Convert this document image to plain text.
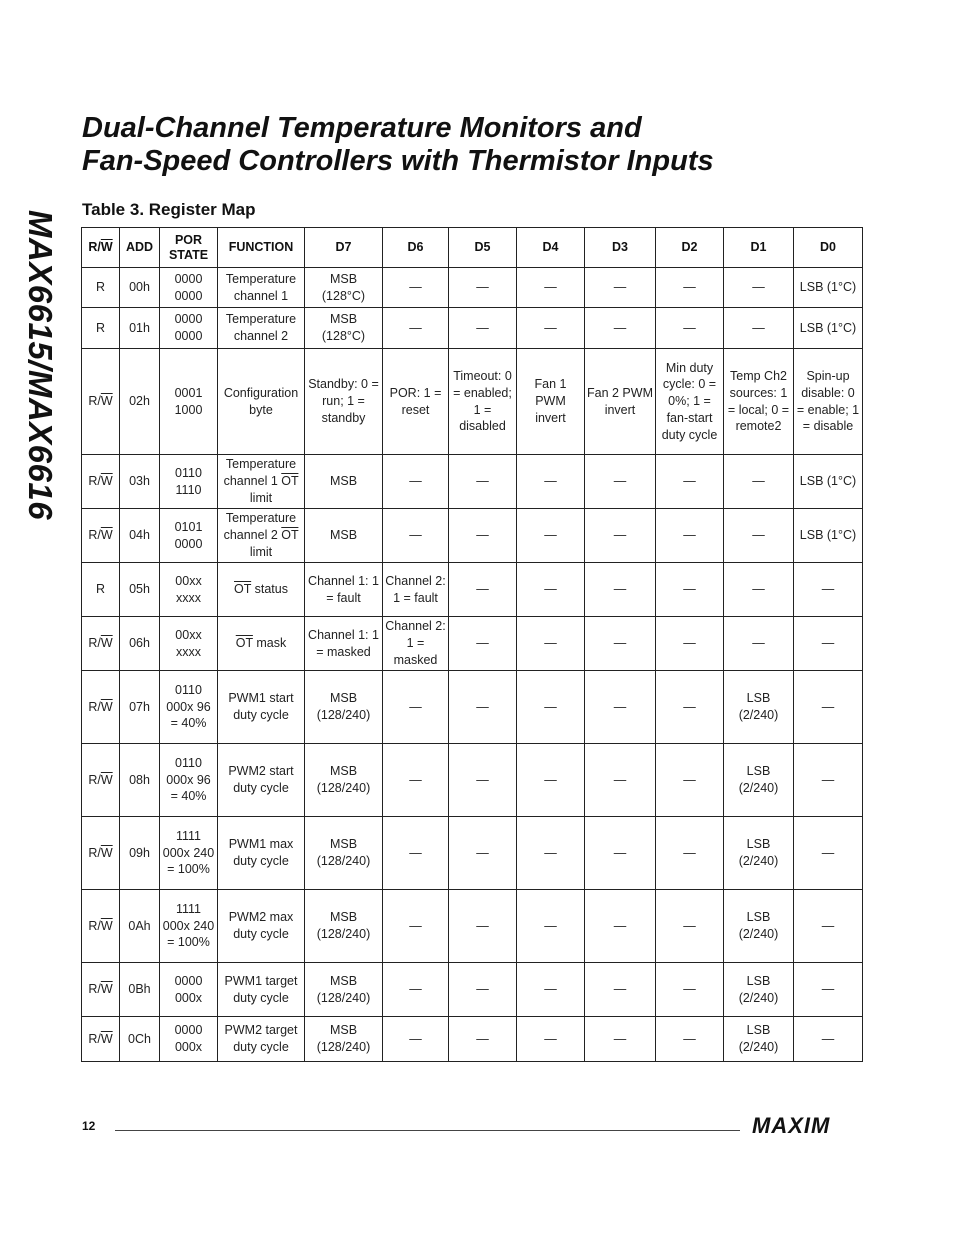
MAX6615/MAX6616
Dual-Channel Temperature Monitors and
Fan-Speed Controllers with Thermistor Inputs
Table 3. Register Map
$R/\overline{W}$	ADD	POR STATE	FUNCTION	D7	D6	D5	D4	D3	D2	D1	D0
R	00h	0000 0000	Temperature channel 1	MSB (128°C)	—	—	—	—	—	—	LSB (1°C)
R	01h	0000 0000	Temperature channel 2	MSB (128°C)	—	—	—	—	—	—	LSB (1°C)
$R/\overline{W}$	02h	0001 1000	Configuration byte	Standby: 0 = run; 1 = standby	POR: 1 = reset	Timeout: 0 = enabled; 1 = disabled	Fan 1 PWM invert	Fan 2 PWM invert	Min duty cycle: 0 = 0%; 1 = fan-start duty cycle	Temp Ch2 sources: 1 = local; 0 = remote2	Spin-up disable: 0 = enable; 1 = disable
$R/\overline{W}$	03h	0110 1110	Temperature channel 1 $\overline{OT}$ limit	MSB	—	—	—	—	—	—	LSB (1°C)
$R/\overline{W}$	04h	0101 0000	Temperature channel 2 $\overline{OT}$ limit	MSB	—	—	—	—	—	—	LSB (1°C)
R	05h	00xx xxxx	$\overline{OT}$ status	Channel 1: 1 = fault	Channel 2: 1 = fault	—	—	—	—	—	—
$R/\overline{W}$	06h	00xx xxxx	$\overline{OT}$ mask	Channel 1: 1 = masked	Channel 2: 1 = masked	—	—	—	—	—	—
$R/\overline{W}$	07h	0110 000x 96 = 40%	PWM1 start duty cycle	MSB (128/240)	—	—	—	—	—	LSB (2/240)	—
$R/\overline{W}$	08h	0110 000x 96 = 40%	PWM2 start duty cycle	MSB (128/240)	—	—	—	—	—	LSB (2/240)	—
$R/\overline{W}$	09h	1111 000x 240 = 100%	PWM1 max duty cycle	MSB (128/240)	—	—	—	—	—	LSB (2/240)	—
$R/\overline{W}$	0Ah	1111 000x 240 = 100%	PWM2 max duty cycle	MSB (128/240)	—	—	—	—	—	LSB (2/240)	—
$R/\overline{W}$	0Bh	0000 000x	PWM1 target duty cycle	MSB (128/240)	—	—	—	—	—	LSB (2/240)	—
$R/\overline{W}$	0Ch	0000 000x	PWM2 target duty cycle	MSB (128/240)	—	—	—	—	—	LSB (2/240)	—
12	MAXIM
